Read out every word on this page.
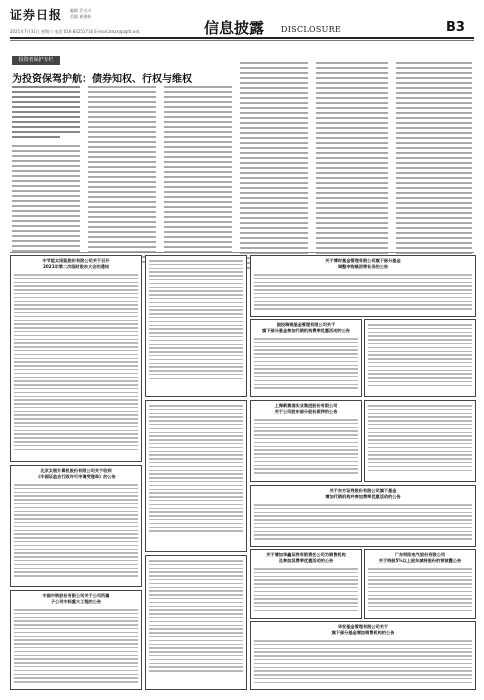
证券日报 编辑 乔川川
美编 崔建岐
2021年7月31日 星期六 电话 010-83251716 E-mail:zmzx@zqrb.net	信息披露 DISCLOSURE	B3
投资者保护专栏
为投资保驾护航：债券知权、行权与维权
中节能太阳能股份有限公司关于召开
2021年第二次临时股东大会的通知
北京太极计算机股份有限公司关于收到
《中国证监会行政许可申请受理单》的公告
中国中铁股份有限公司关于公司所属
子公司中标重大工程的公告
关于博时基金管理有限公司旗下部分基金
调整申购赎回等业务的公告
国投瑞银基金管理有限公司关于
旗下部分基金参加代销机构费率优惠活动的公告
上海新黄浦实业集团股份有限公司
关于公司股东部分股份质押的公告
关于东方证券股份有限公司旗下基金
增加代销机构并参加费率优惠活动的公告
关于增加华鑫证券有限责任公司为销售机构
及参加其费率优惠活动的公告
广东明阳电气股份有限公司
关于持股5%以上股东减持股份的预披露公告
华安基金管理有限公司关于
旗下部分基金增加销售机构的公告
